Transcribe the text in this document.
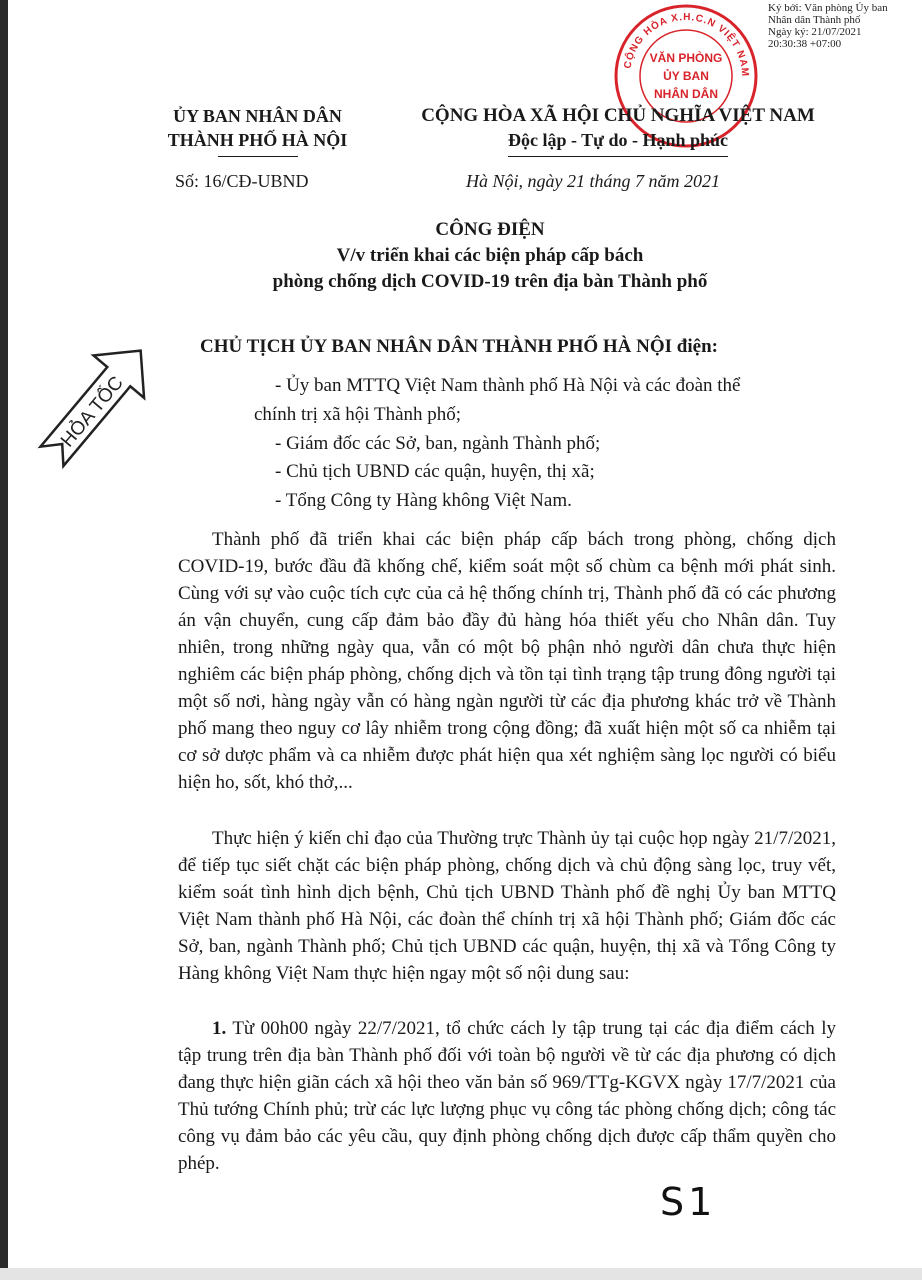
Ký bởi: Văn phòng Ủy ban
Nhân dân Thành phố
Ngày ký: 21/07/2021
20:30:38 +07:00
CỘNG HÒA X.H.C.N VIỆT NAM
VĂN PHÒNG
ỦY BAN
NHÂN DÂN
ỦY BAN NHÂN DÂN
THÀNH PHỐ HÀ NỘI
CỘNG HÒA XÃ HỘI CHỦ NGHĨA VIỆT NAM
Độc lập - Tự do - Hạnh phúc
Số: 16/CĐ-UBND	Hà Nội, ngày 21 tháng 7 năm 2021
CÔNG ĐIỆN
V/v triển khai các biện pháp cấp bách
phòng chống dịch COVID-19 trên địa bàn Thành phố
HỎA TỐC
CHỦ TỊCH ỦY BAN NHÂN DÂN THÀNH PHỐ HÀ NỘI điện:
- Ủy ban MTTQ Việt Nam thành phố Hà Nội và các đoàn thể
chính trị xã hội Thành phố;
- Giám đốc các Sở, ban, ngành Thành phố;
- Chủ tịch UBND các quận, huyện, thị xã;
- Tổng Công ty Hàng không Việt Nam.
Thành phố đã triển khai các biện pháp cấp bách trong phòng, chống dịch COVID-19, bước đầu đã khống chế, kiểm soát một số chùm ca bệnh mới phát sinh. Cùng với sự vào cuộc tích cực của cả hệ thống chính trị, Thành phố đã có các phương án vận chuyển, cung cấp đảm bảo đầy đủ hàng hóa thiết yếu cho Nhân dân. Tuy nhiên, trong những ngày qua, vẫn có một bộ phận nhỏ người dân chưa thực hiện nghiêm các biện pháp phòng, chống dịch và tồn tại tình trạng tập trung đông người tại một số nơi, hàng ngày vẫn có hàng ngàn người từ các địa phương khác trở về Thành phố mang theo nguy cơ lây nhiễm trong cộng đồng; đã xuất hiện một số ca nhiễm tại cơ sở dược phẩm và ca nhiễm được phát hiện qua xét nghiệm sàng lọc người có biểu hiện ho, sốt, khó thở,...
Thực hiện ý kiến chỉ đạo của Thường trực Thành ủy tại cuộc họp ngày 21/7/2021, để tiếp tục siết chặt các biện pháp phòng, chống dịch và chủ động sàng lọc, truy vết, kiểm soát tình hình dịch bệnh, Chủ tịch UBND Thành phố đề nghị Ủy ban MTTQ Việt Nam thành phố Hà Nội, các đoàn thể chính trị xã hội Thành phố; Giám đốc các Sở, ban, ngành Thành phố; Chủ tịch UBND các quận, huyện, thị xã và Tổng Công ty Hàng không Việt Nam thực hiện ngay một số nội dung sau:
1. Từ 00h00 ngày 22/7/2021, tổ chức cách ly tập trung tại các địa điểm cách ly tập trung trên địa bàn Thành phố đối với toàn bộ người về từ các địa phương có dịch đang thực hiện giãn cách xã hội theo văn bản số 969/TTg-KGVX ngày 17/7/2021 của Thủ tướng Chính phủ; trừ các lực lượng phục vụ công tác phòng chống dịch; công tác công vụ đảm bảo các yêu cầu, quy định phòng chống dịch được cấp thẩm quyền cho phép.
S1
